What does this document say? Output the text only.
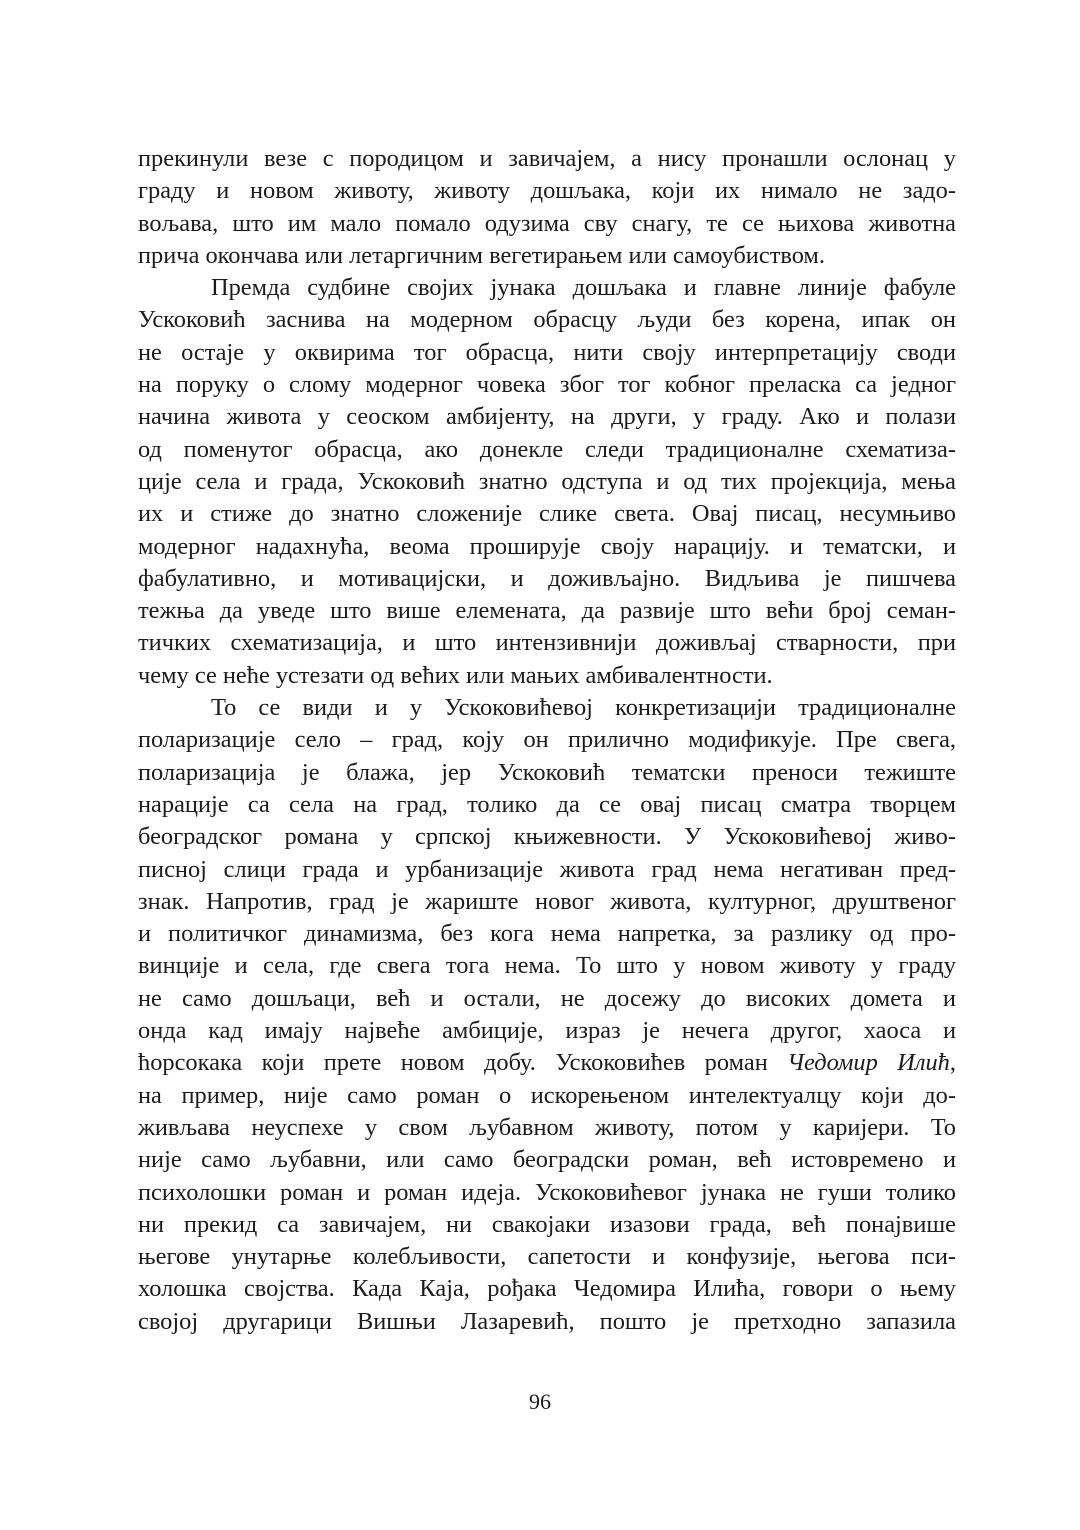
прекинули везе с породицом и завичајем, а нису пронашли ослонац у
граду и новом животу, животу дошљака, који их нимало не задо-
вољава, што им мало помало одузима сву снагу, те се њихова животна
прича окончава или летаргичним вегетирањем или самоубиством.
Премда судбине својих јунака дошљака и главне линије фабуле
Ускоковић заснива на модерном обрасцу људи без корена, ипак он
не остаје у оквирима тог обрасца, нити своју интерпретацију своди
на поруку о слому модерног човека због тог кобног преласка са једног
начина живота у сеоском амбијенту, на други, у граду. Ако и полази
од поменутог обрасца, ако донекле следи традиционалне схематиза-
ције села и града, Ускоковић знатно одступа и од тих пројекција, мења
их и стиже до знатно сложеније слике света. Овај писац, несумњиво
модерног надахнућа, веома проширује своју нарацију. и тематски, и
фабулативно, и мотивацијски, и доживљајно. Видљива је пишчева
тежња да уведе што више елемената, да развије што већи број семан-
тичких схематизација, и што интензивнији доживљај стварности, при
чему се неће устезати од већих или мањих амбивалентности.
То се види и у Ускоковићевој конкретизацији традиционалне
поларизације село – град, коју он прилично модификује. Пре свега,
поларизација је блажа, јер Ускоковић тематски преноси тежиште
нарације са села на град, толико да се овај писац сматра творцем
београдског романа у српској књижевности. У Ускоковићевој живо-
писној слици града и урбанизације живота град нема негативан пред-
знак. Напротив, град је жариште новог живота, културног, друштвеног
и политичког динамизма, без кога нема напретка, за разлику од про-
винције и села, где свега тога нема. То што у новом животу у граду
не само дошљаци, већ и остали, не досежу до високих домета и
онда кад имају највеће амбиције, израз је нечега другог, хаоса и
ћорсокака који прете новом добу. Ускоковићев роман Чедомир Илић,
на пример, није само роман о искорењеном интелектуалцу који до-
живљава неуспехе у свом љубавном животу, потом у каријери. То
није само љубавни, или само београдски роман, већ истовремено и
психолошки роман и роман идеја. Ускоковићевог јунака не гуши толико
ни прекид са завичајем, ни свакојаки изазови града, већ понајвише
његове унутарње колебљивости, сапетости и конфузије, његова пси-
холошка својства. Када Каја, рођака Чедомира Илића, говори о њему
својој другарици Вишњи Лазаревић, пошто је претходно запазила
96
